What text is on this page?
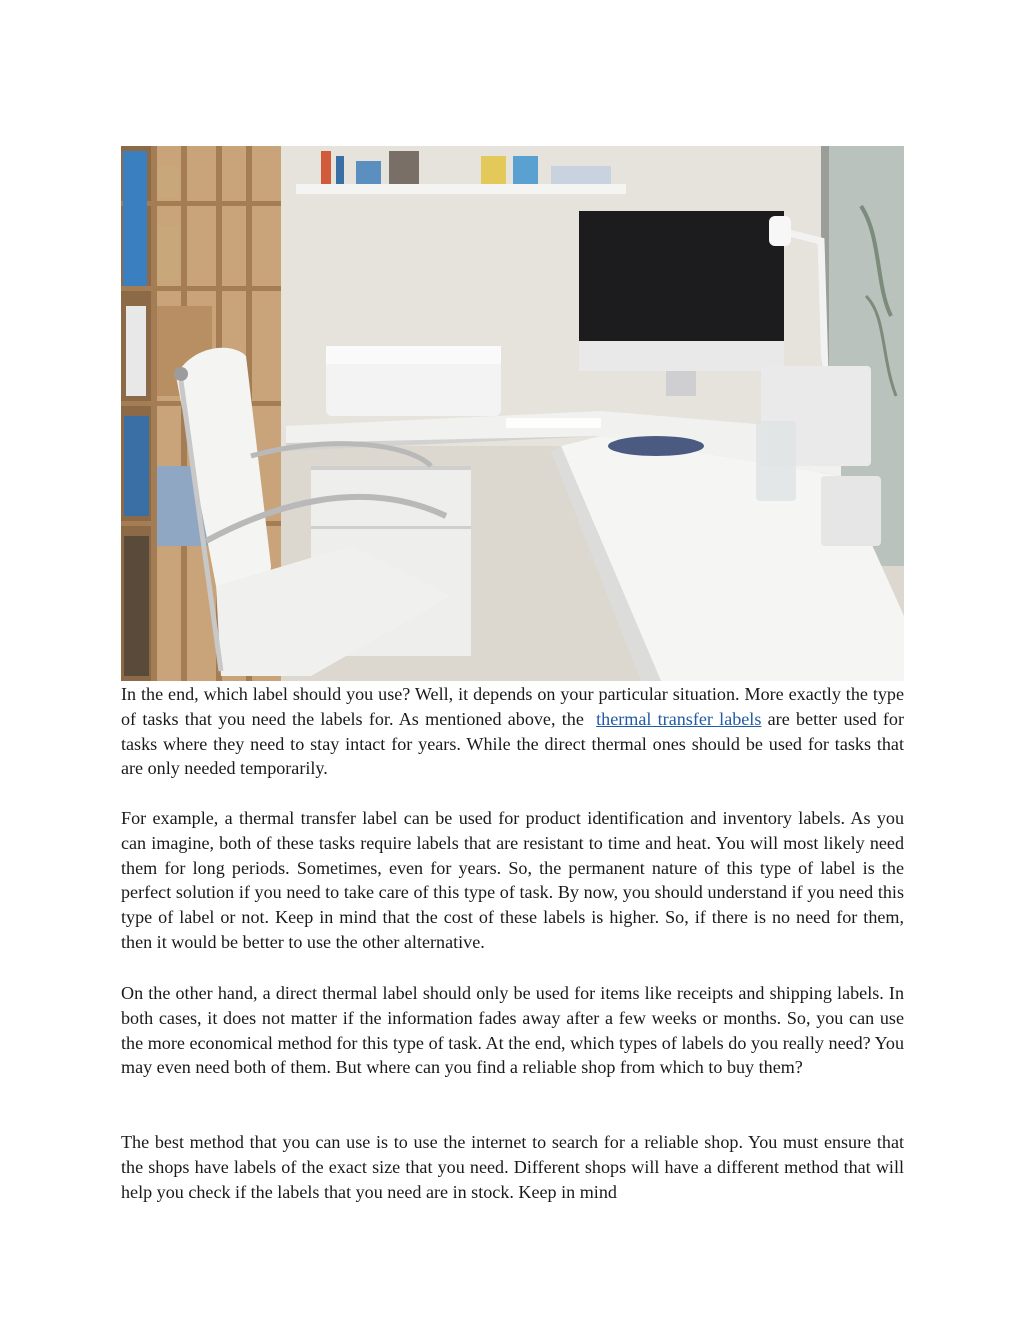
In the end, which label should you use? Well, it depends on your particular situation. More exactly the type of tasks that you need the labels for. As mentioned above, the thermal transfer labels are better used for tasks where they need to stay intact for years. While the direct thermal ones should be used for tasks that are only needed temporarily.

For example, a thermal transfer label can be used for product identification and inventory labels. As you can imagine, both of these tasks require labels that are resistant to time and heat. You will most likely need them for long periods. Sometimes, even for years. So, the permanent nature of this type of label is the perfect solution if you need to take care of this type of task. By now, you should understand if you need this type of label or not. Keep in mind that the cost of these labels is higher. So, if there is no need for them, then it would be better to use the other alternative.

On the other hand, a direct thermal label should only be used for items like receipts and shipping labels. In both cases, it does not matter if the information fades away after a few weeks or months. So, you can use the more economical method for this type of task. At the end, which types of labels do you really need? You may even need both of them. But where can you find a reliable shop from which to buy them?

The best method that you can use is to use the internet to search for a reliable shop. You must ensure that the shops have labels of the exact size that you need. Different shops will have a different method that will help you check if the labels that you need are in stock. Keep in mind
